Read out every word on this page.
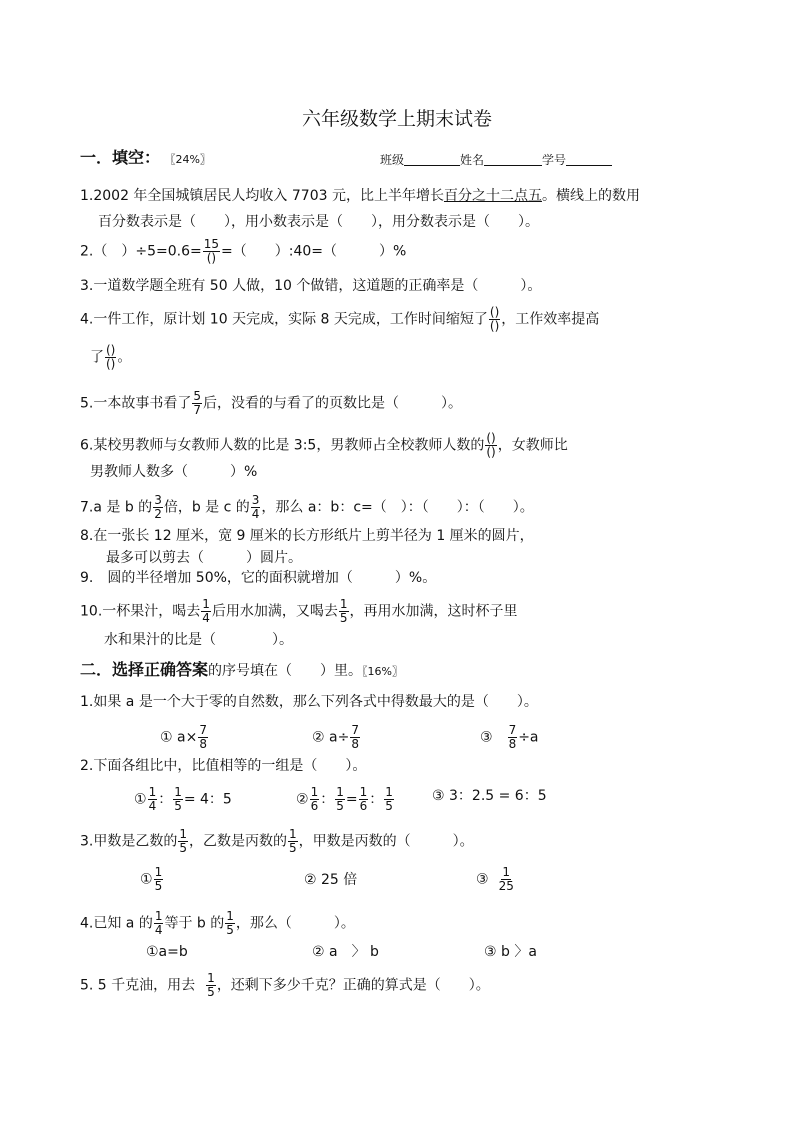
六年级数学上期末试卷
一．填空： 〖24%〗	班级	姓名	学号
1.2002 年全国城镇居民人均收入 7703 元，比上半年增长百分之十二点五。横线上的数用
百分数表示是（　　），用小数表示是（　　），用分数表示是（　　）。
2.（　）$\div 5=0.6= \frac{15}{()}$ =（　　）:40=（　　　）%
3.一道数学题全班有 50 人做，10 个做错，这道题的正确率是（　　　）。
4.一件工作，原计划 10 天完成，实际 8 天完成，工作时间缩短了 $\frac{()}{()}$ ，工作效率提高
了 $\frac{()}{()}$ 。
5.一本故事书看了 $\frac{5}{7}$ 后，没看的与看了的页数比是（　　　）。
6.某校男教师与女教师人数的比是 3:5，男教师占全校教师人数的 $\frac{()}{()}$ ，女教师比
男教师人数多（　　　）%
7.a 是 b 的 $\frac{3}{2}$ 倍，b 是 c 的 $\frac{3}{4}$ ，那么 a：b：c=（　）：（　　）：（　　）。
8.在一张长 12 厘米，宽 9 厘米的长方形纸片上剪半径为 1 厘米的圆片，
最多可以剪去（　　　）圆片。
9.　圆的半径增加 50%，它的面积就增加（　　　）%。
10.一杯果汁，喝去 $\frac{1}{4}$ 后用水加满，又喝去 $\frac{1}{5}$ ，再用水加满，这时杯子里
水和果汁的比是（　　　　）。
二．选择正确答案的序号填在（　　）里。〖16%〗
1.如果 a 是一个大于零的自然数，那么下列各式中得数最大的是（　　）。
① $a\times \frac{7}{8}$	② $a\div \frac{7}{8}$	③ $\frac{7}{8} \div a$
2.下面各组比中，比值相等的一组是（　　）。
① $\frac{1}{4}$ ： $\frac{1}{5} = 4$：5	② $\frac{1}{6}$ ： $\frac{1}{5} = \frac{1}{6}$ ： $\frac{1}{5}$	③ 3：2.5 = 6：5
3.甲数是乙数的 $\frac{1}{5}$ ，乙数是丙数的 $\frac{1}{5}$ ，甲数是丙数的（　　　）。
① $\frac{1}{5}$	② 25 倍	③ $\frac{1}{25}$
4.已知 a 的 $\frac{1}{4}$ 等于 b 的 $\frac{1}{5}$ ，那么（　　　）。
①a=b	② a　〉 b	③ b 〉a
5. 5 千克油，用去 $\frac{1}{5}$ ，还剩下多少千克？正确的算式是（　　）。
